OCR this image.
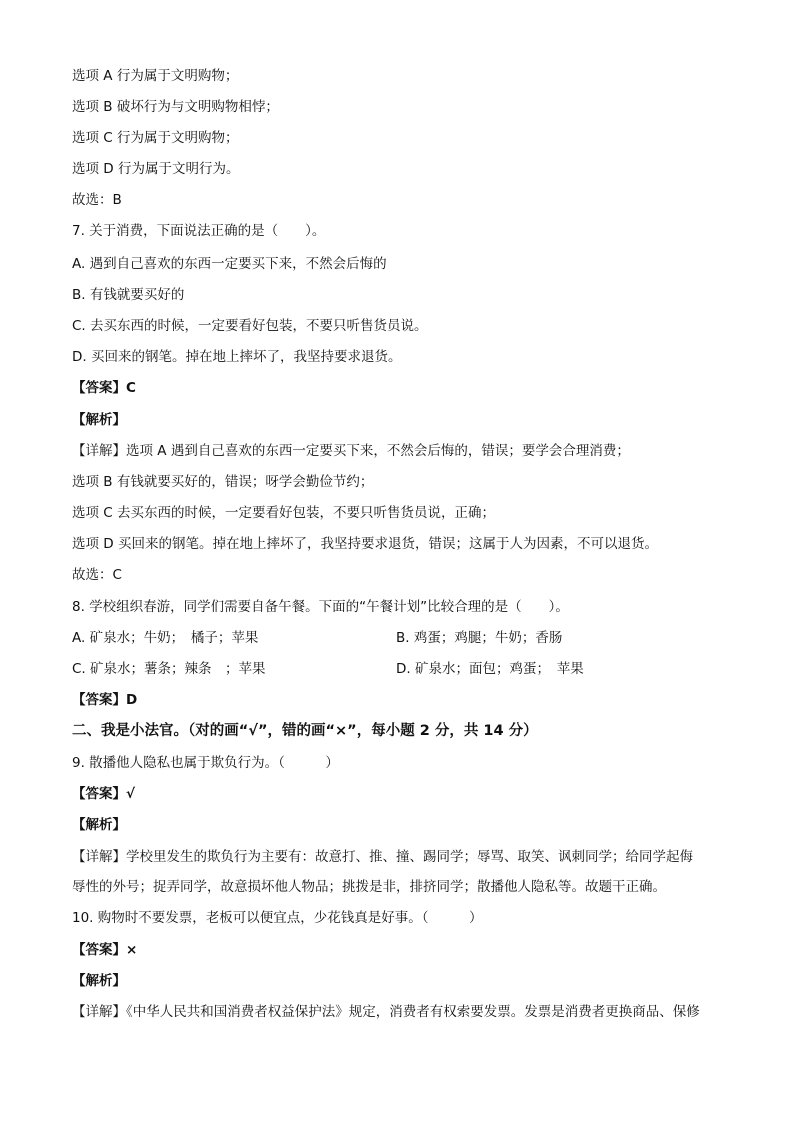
选项 A 行为属于文明购物；
选项 B 破坏行为与文明购物相悖；
选项 C 行为属于文明购物；
选项 D 行为属于文明行为。
故选：B
7. 关于消费，下面说法正确的是（　　）。
A. 遇到自己喜欢的东西一定要买下来，不然会后悔的
B. 有钱就要买好的
C. 去买东西的时候，一定要看好包装，不要只听售货员说。
D. 买回来的钢笔。掉在地上摔坏了，我坚持要求退货。
【答案】C
【解析】
【详解】选项 A 遇到自己喜欢的东西一定要买下来，不然会后悔的，错误；要学会合理消费；
选项 B 有钱就要买好的，错误；呀学会勤俭节约；
选项 C 去买东西的时候，一定要看好包装，不要只听售货员说，正确；
选项 D 买回来的钢笔。掉在地上摔坏了，我坚持要求退货，错误；这属于人为因素，不可以退货。
故选：C
8. 学校组织春游，同学们需要自备午餐。下面的“午餐计划”比较合理的是（　　）。
A. 矿泉水；牛奶；　橘子；苹果	B. 鸡蛋；鸡腿；牛奶；香肠
C. 矿泉水；薯条；辣条　；苹果	D. 矿泉水；面包；鸡蛋；　苹果
【答案】D
二、我是小法官。（对的画“√”，错的画“×”，每小题 2 分，共 14 分）
9. 散播他人隐私也属于欺负行为。（　　　）
【答案】√
【解析】
【详解】学校里发生的欺负行为主要有：故意打、推、撞、踢同学；辱骂、取笑、讽刺同学；给同学起侮
辱性的外号；捉弄同学，故意损坏他人物品；挑拨是非，排挤同学；散播他人隐私等。故题干正确。
10. 购物时不要发票，老板可以便宜点，少花钱真是好事。（　　　）
【答案】×
【解析】
【详解】《中华人民共和国消费者权益保护法》规定，消费者有权索要发票。发票是消费者更换商品、保修
